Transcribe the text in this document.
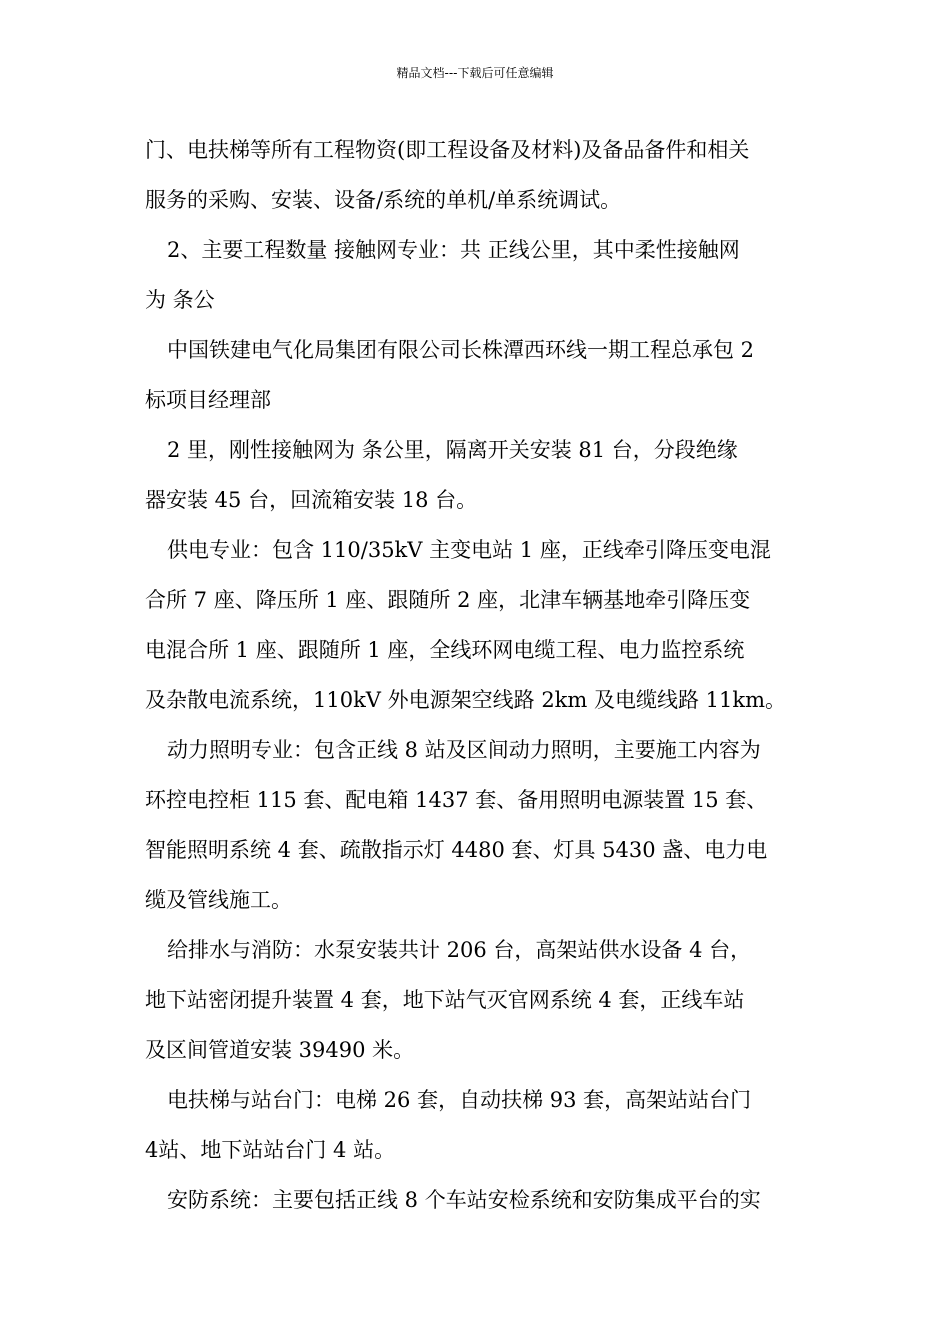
精品文档---下载后可任意编辑
门、电扶梯等所有工程物资(即工程设备及材料)及备品备件和相关
服务的采购、安装、设备/系统的单机/单系统调试。
2、主要工程数量 接触网专业：共 正线公里，其中柔性接触网
为 条公
中国铁建电气化局集团有限公司长株潭西环线一期工程总承包 2
标项目经理部
2 里，刚性接触网为 条公里，隔离开关安装 81 台，分段绝缘
器安装 45 台，回流箱安装 18 台。
供电专业：包含 110/35kV 主变电站 1 座，正线牵引降压变电混
合所 7 座、降压所 1 座、跟随所 2 座，北津车辆基地牵引降压变
电混合所 1 座、跟随所 1 座，全线环网电缆工程、电力监控系统
及杂散电流系统，110kV 外电源架空线路 2km 及电缆线路 11km。
动力照明专业：包含正线 8 站及区间动力照明，主要施工内容为
环控电控柜 115 套、配电箱 1437 套、备用照明电源装置 15 套、
智能照明系统 4 套、疏散指示灯 4480 套、灯具 5430 盏、电力电
缆及管线施工。
给排水与消防：水泵安装共计 206 台，高架站供水设备 4 台，
地下站密闭提升装置 4 套，地下站气灭官网系统 4 套，正线车站
及区间管道安装 39490 米。
电扶梯与站台门：电梯 26 套，自动扶梯 93 套，高架站站台门
4站、地下站站台门 4 站。
安防系统：主要包括正线 8 个车站安检系统和安防集成平台的实
